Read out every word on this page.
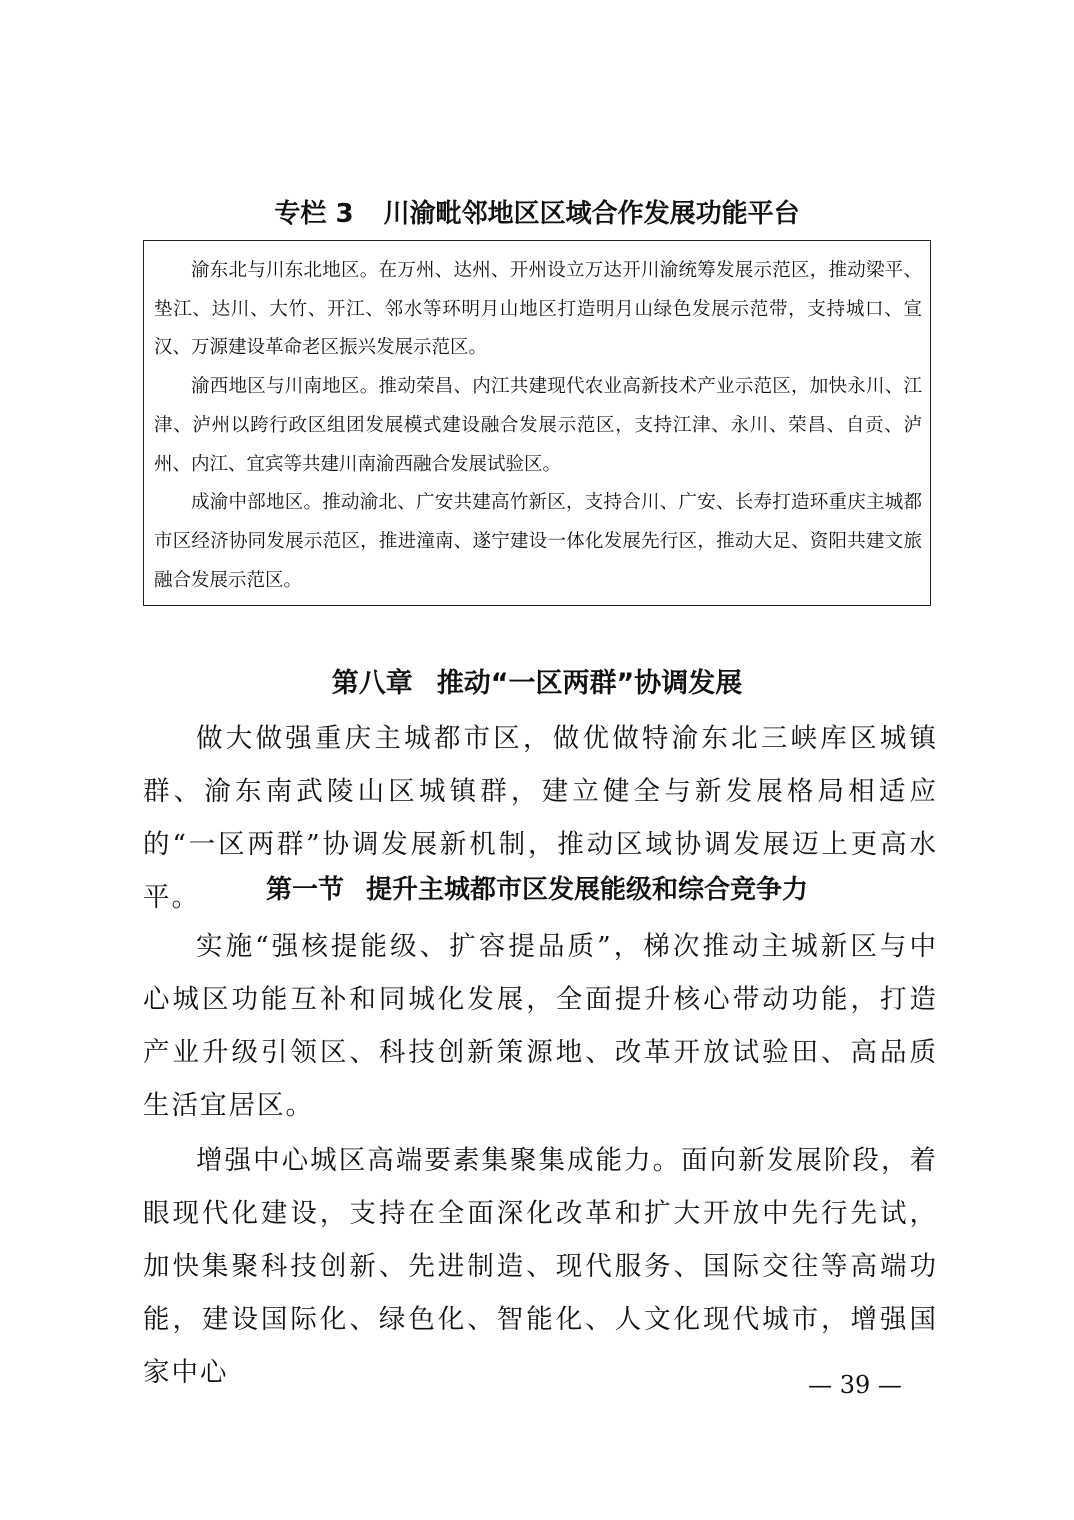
专栏 3 川渝毗邻地区区域合作发展功能平台

渝东北与川东北地区。在万州、达州、开州设立万达开川渝统筹发展示范区，推动梁平、垫江、达川、大竹、开江、邻水等环明月山地区打造明月山绿色发展示范带，支持城口、宣汉、万源建设革命老区振兴发展示范区。

渝西地区与川南地区。推动荣昌、内江共建现代农业高新技术产业示范区，加快永川、江津、泸州以跨行政区组团发展模式建设融合发展示范区，支持江津、永川、荣昌、自贡、泸州、内江、宜宾等共建川南渝西融合发展试验区。

成渝中部地区。推动渝北、广安共建高竹新区，支持合川、广安、长寿打造环重庆主城都市区经济协同发展示范区，推进潼南、遂宁建设一体化发展先行区，推动大足、资阳共建文旅融合发展示范区。

第八章 推动“一区两群”协调发展

做大做强重庆主城都市区，做优做特渝东北三峡库区城镇群、渝东南武陵山区城镇群，建立健全与新发展格局相适应的“一区两群”协调发展新机制，推动区域协调发展迈上更高水平。	第一节 提升主城都市区发展能级和综合竞争力

实施“强核提能级、扩容提品质”，梯次推动主城新区与中心城区功能互补和同城化发展，全面提升核心带动功能，打造产业升级引领区、科技创新策源地、改革开放试验田、高品质生活宜居区。

增强中心城区高端要素集聚集成能力。面向新发展阶段，着眼现代化建设，支持在全面深化改革和扩大开放中先行先试，加快集聚科技创新、先进制造、现代服务、国际交往等高端功能，建设国际化、绿色化、智能化、人文化现代城市，增强国家中心	— 39 —
